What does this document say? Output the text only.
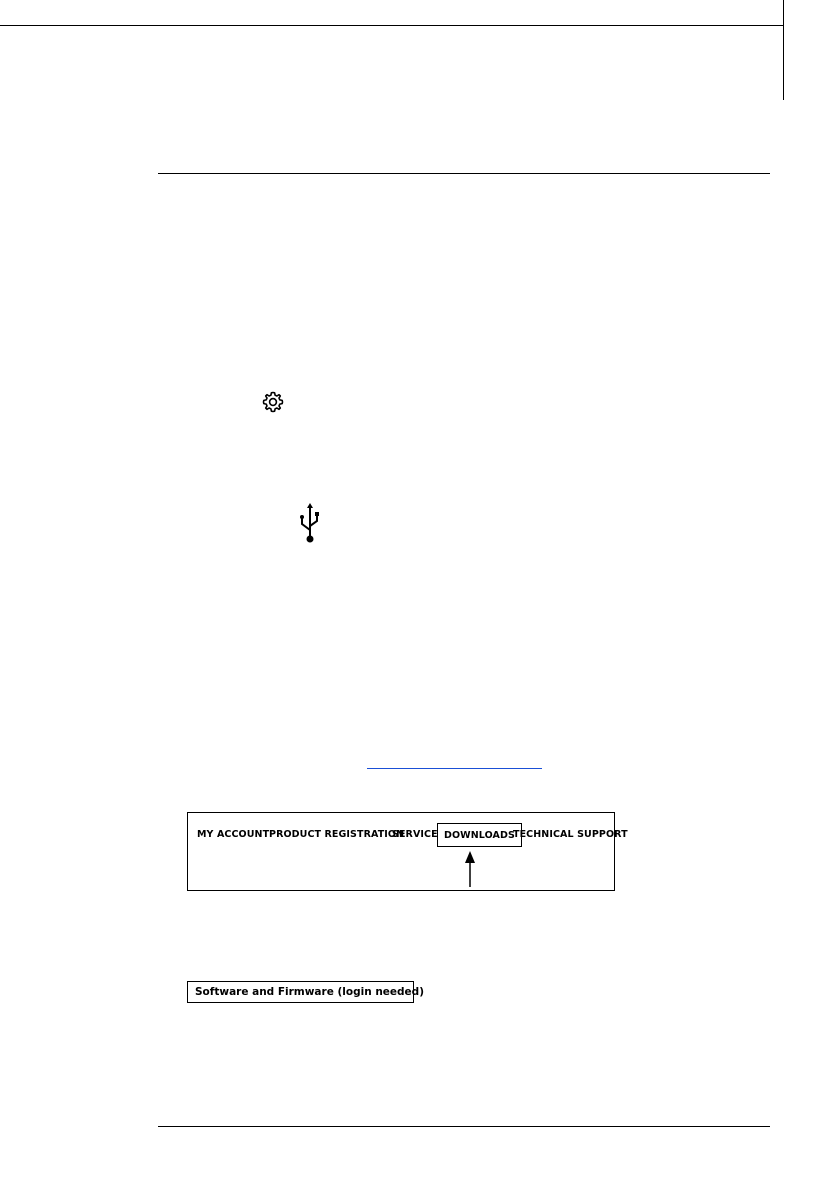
MY ACCOUNT PRODUCT REGISTRATION
SERVICE DOWNLOADS
TECHNICAL SUPPORT
Software and Firmware (login needed)
